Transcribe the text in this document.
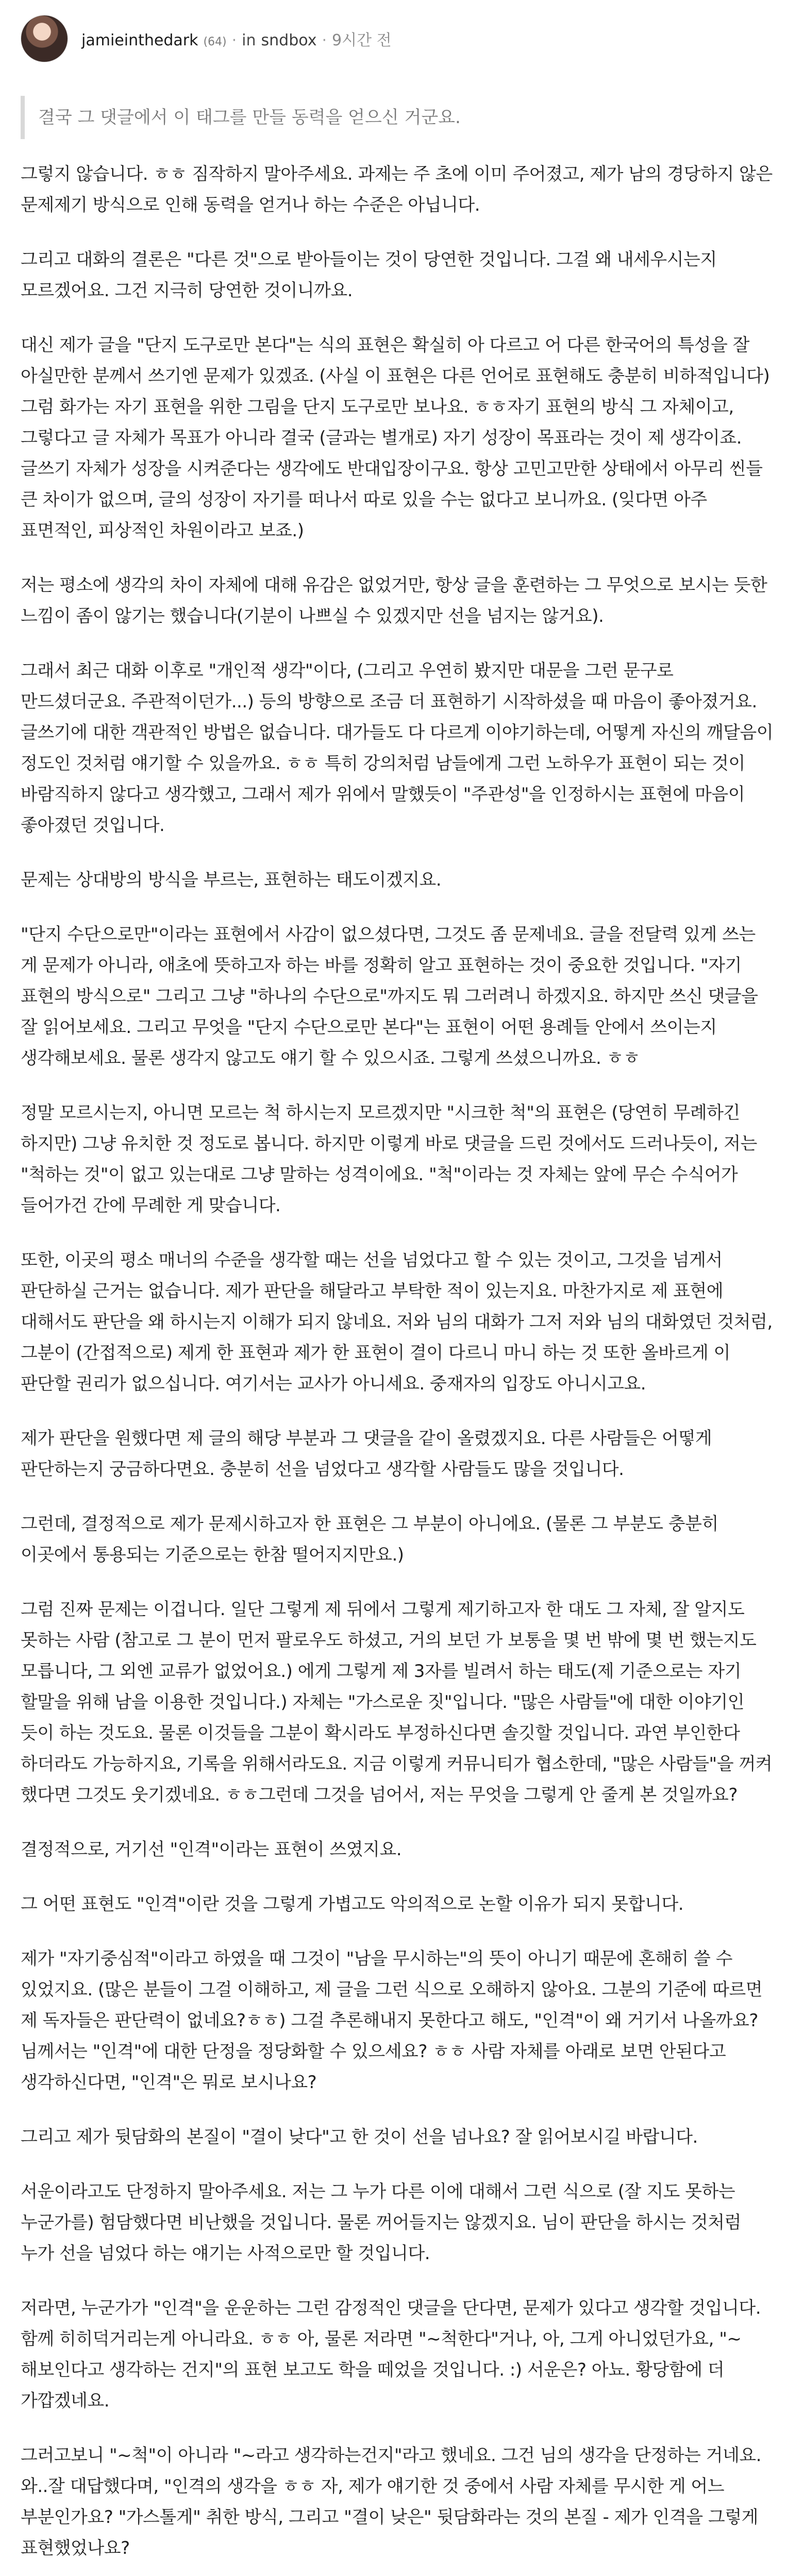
jamieinthedark (64) · in sndbox · 9시간 전
결국 그 댓글에서 이 태그를 만들 동력을 얻으신 거군요.

그렇지 않습니다. ㅎㅎ 짐작하지 말아주세요. 과제는 주 초에 이미 주어졌고, 제가 남의 경당하지 않은 문제제기 방식으로 인해 동력을 얻거나 하는 수준은 아닙니다.

그리고 대화의 결론은 "다른 것"으로 받아들이는 것이 당연한 것입니다. 그걸 왜 내세우시는지 모르겠어요. 그건 지극히 당연한 것이니까요.

대신 제가 글을 "단지 도구로만 본다"는 식의 표현은 확실히 아 다르고 어 다른 한국어의 특성을 잘 아실만한 분께서 쓰기엔 문제가 있겠죠. (사실 이 표현은 다른 언어로 표현해도 충분히 비하적입니다) 그럼 화가는 자기 표현을 위한 그림을 단지 도구로만 보나요. ㅎㅎ자기 표현의 방식 그 자체이고, 그렇다고 글 자체가 목표가 아니라 결국 (글과는 별개로) 자기 성장이 목표라는 것이 제 생각이죠. 글쓰기 자체가 성장을 시켜준다는 생각에도 반대입장이구요. 항상 고민고만한 상태에서 아무리 씬들 큰 차이가 없으며, 글의 성장이 자기를 떠나서 따로 있을 수는 없다고 보니까요. (잊다면 아주 표면적인, 피상적인 차원이라고 보죠.)

저는 평소에 생각의 차이 자체에 대해 유감은 없었거만, 항상 글을 훈련하는 그 무엇으로 보시는 듯한 느낌이 좀이 않기는 했습니다(기분이 나쁘실 수 있겠지만 선을 넘지는 않거요).

그래서 최근 대화 이후로 "개인적 생각"이다, (그리고 우연히 봤지만 대문을 그런 문구로 만드셨더군요. 주관적이던가...) 등의 방향으로 조금 더 표현하기 시작하셨을 때 마음이 좋아졌거요. 글쓰기에 대한 객관적인 방법은 없습니다. 대가들도 다 다르게 이야기하는데, 어떻게 자신의 깨달음이 정도인 것처럼 얘기할 수 있을까요. ㅎㅎ 특히 강의처럼 남들에게 그런 노하우가 표현이 되는 것이 바람직하지 않다고 생각했고, 그래서 제가 위에서 말했듯이 "주관성"을 인정하시는 표현에 마음이 좋아졌던 것입니다.

문제는 상대방의 방식을 부르는, 표현하는 태도이겠지요.

"단지 수단으로만"이라는 표현에서 사감이 없으셨다면, 그것도 좀 문제네요. 글을 전달력 있게 쓰는 게 문제가 아니라, 애초에 뜻하고자 하는 바를 정확히 알고 표현하는 것이 중요한 것입니다. "자기 표현의 방식으로" 그리고 그냥 "하나의 수단으로"까지도 뭐 그러려니 하겠지요. 하지만 쓰신 댓글을 잘 읽어보세요. 그리고 무엇을 "단지 수단으로만 본다"는 표현이 어떤 용례들 안에서 쓰이는지 생각해보세요. 물론 생각지 않고도 얘기 할 수 있으시죠. 그렇게 쓰셨으니까요. ㅎㅎ

정말 모르시는지, 아니면 모르는 척 하시는지 모르겠지만 "시크한 척"의 표현은 (당연히 무례하긴 하지만) 그냥 유치한 것 정도로 봅니다. 하지만 이렇게 바로 댓글을 드린 것에서도 드러나듯이, 저는 "척하는 것"이 없고 있는대로 그냥 말하는 성격이에요. "척"이라는 것 자체는 앞에 무슨 수식어가 들어가건 간에 무례한 게 맞습니다.

또한, 이곳의 평소 매너의 수준을 생각할 때는 선을 넘었다고 할 수 있는 것이고, 그것을 넘게서 판단하실 근거는 없습니다. 제가 판단을 해달라고 부탁한 적이 있는지요. 마찬가지로 제 표현에 대해서도 판단을 왜 하시는지 이해가 되지 않네요. 저와 님의 대화가 그저 저와 님의 대화였던 것처럼, 그분이 (간접적으로) 제게 한 표현과 제가 한 표현이 결이 다르니 마니 하는 것 또한 올바르게 이 판단할 권리가 없으십니다. 여기서는 교사가 아니세요. 중재자의 입장도 아니시고요.

제가 판단을 원했다면 제 글의 해당 부분과 그 댓글을 같이 올렸겠지요. 다른 사람들은 어떻게 판단하는지 궁금하다면요. 충분히 선을 넘었다고 생각할 사람들도 많을 것입니다.

그런데, 결정적으로 제가 문제시하고자 한 표현은 그 부분이 아니에요. (물론 그 부분도 충분히 이곳에서 통용되는 기준으로는 한참 떨어지지만요.)

그럼 진짜 문제는 이겁니다. 일단 그렇게 제 뒤에서 그렇게 제기하고자 한 대도 그 자체, 잘 알지도 못하는 사람 (참고로 그 분이 먼저 팔로우도 하셨고, 거의 보던 가 보통을 몇 번 밖에 몇 번 했는지도 모릅니다, 그 외엔 교류가 없었어요.) 에게 그렇게 제 3자를 빌려서 하는 태도(제 기준으로는 자기 할말을 위해 남을 이용한 것입니다.) 자체는 "가스로운 짓"입니다. "많은 사람들"에 대한 이야기인 듯이 하는 것도요. 물론 이것들을 그분이 확시라도 부정하신다면 솔깃할 것입니다. 과연 부인한다 하더라도 가능하지요, 기록을 위해서라도요. 지금 이렇게 커뮤니티가 협소한데, "많은 사람들"을 꺼켜 했다면 그것도 웃기겠네요. ㅎㅎ그런데 그것을 넘어서, 저는 무엇을 그렇게 안 줄게 본 것일까요?

결정적으로, 거기선 "인격"이라는 표현이 쓰였지요.

그 어떤 표현도 "인격"이란 것을 그렇게 가볍고도 악의적으로 논할 이유가 되지 못합니다.

제가 "자기중심적"이라고 하였을 때 그것이 "남을 무시하는"의 뜻이 아니기 때문에 혼해히 쓸 수 있었지요. (많은 분들이 그걸 이해하고, 제 글을 그런 식으로 오해하지 않아요. 그분의 기준에 따르면 제 독자들은 판단력이 없네요?ㅎㅎ) 그걸 추론해내지 못한다고 해도, "인격"이 왜 거기서 나올까요? 님께서는 "인격"에 대한 단정을 정당화할 수 있으세요? ㅎㅎ 사람 자체를 아래로 보면 안된다고 생각하신다면, "인격"은 뭐로 보시나요?

그리고 제가 뒷담화의 본질이 "결이 낮다"고 한 것이 선을 넘나요? 잘 읽어보시길 바랍니다.

서운이라고도 단정하지 말아주세요. 저는 그 누가 다른 이에 대해서 그런 식으로 (잘 지도 못하는 누군가를) 험담했다면 비난했을 것입니다. 물론 꺼어들지는 않겠지요. 님이 판단을 하시는 것처럼 누가 선을 넘었다 하는 얘기는 사적으로만 할 것입니다.

저라면, 누군가가 "인격"을 운운하는 그런 감정적인 댓글을 단다면, 문제가 있다고 생각할 것입니다. 함께 히히덕거리는게 아니라요. ㅎㅎ 아, 물론 저라면 "~척한다"거나, 아, 그게 아니었던가요, "~해보인다고 생각하는 건지"의 표현 보고도 학을 떼었을 것입니다. :) 서운은? 아뇨. 황당함에 더 가깝겠네요.

그러고보니 "~척"이 아니라 "~라고 생각하는건지"라고 했네요. 그건 님의 생각을 단정하는 거네요. 와..잘 대답했다며, "인격의 생각을 ㅎㅎ 자, 제가 얘기한 것 중에서 사람 자체를 무시한 게 어느 부분인가요? "가스톨게" 취한 방식, 그리고 "결이 낮은" 뒷담화라는 것의 본질 - 제가 인격을 그렇게 표현했었나요?
